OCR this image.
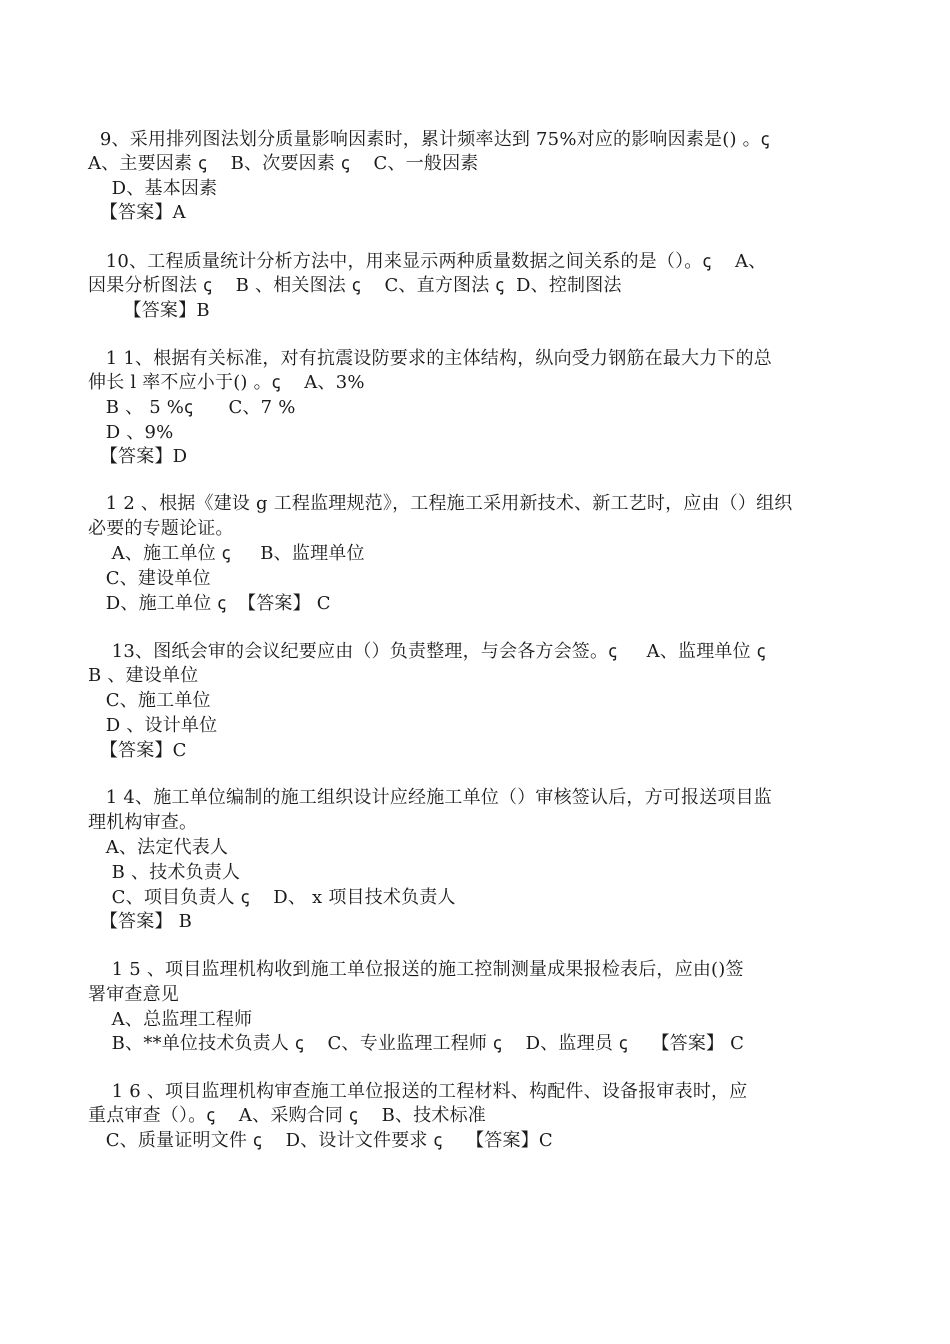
9、采用排列图法划分质量影响因素时，累计频率达到 75%对应的影响因素是() 。ꞔ
A、主要因素 ꞔ    B、次要因素 ꞔ    C、一般因素
D、基本因素
【答案】A
10、工程质量统计分析方法中，用来显示两种质量数据之间关系的是（）。ꞔ    A、
因果分析图法 ꞔ    B 、相关图法 ꞔ    C、直方图法 ꞔ  D、控制图法
【答案】B
1 1、根据有关标准，对有抗震设防要求的主体结构，纵向受力钢筋在最大力下的总
伸长 l 率不应小于() 。ꞔ    A、3%
B 、 5 %ꞔ      C、7 %
D 、9%
【答案】D
1 2 、根据《建设 g 工程监理规范》，工程施工采用新技术、新工艺时，应由（）组织
必要的专题论证。
A、施工单位 ꞔ     B、监理单位
C、建设单位
D、施工单位 ꞔ  【答案】 C
13、图纸会审的会议纪要应由（）负责整理，与会各方会签。ꞔ     A、监理单位 ꞔ
B 、建设单位
C、施工单位
D 、设计单位
【答案】C
1 4、施工单位编制的施工组织设计应经施工单位（）审核签认后，方可报送项目监
理机构审查。
A、法定代表人
B 、技术负责人
C、项目负责人 ꞔ    D、 x 项目技术负责人
【答案】 B
1 5 、项目监理机构收到施工单位报送的施工控制测量成果报检表后，应由()签
署审查意见
A、总监理工程师
B、**单位技术负责人 ꞔ    C、专业监理工程师 ꞔ    D、监理员 ꞔ    【答案】 C
1 6 、项目监理机构审查施工单位报送的工程材料、构配件、设备报审表时，应
重点审查（）。ꞔ    A、采购合同 ꞔ    B、技术标准
C、质量证明文件 ꞔ    D、设计文件要求 ꞔ    【答案】C
